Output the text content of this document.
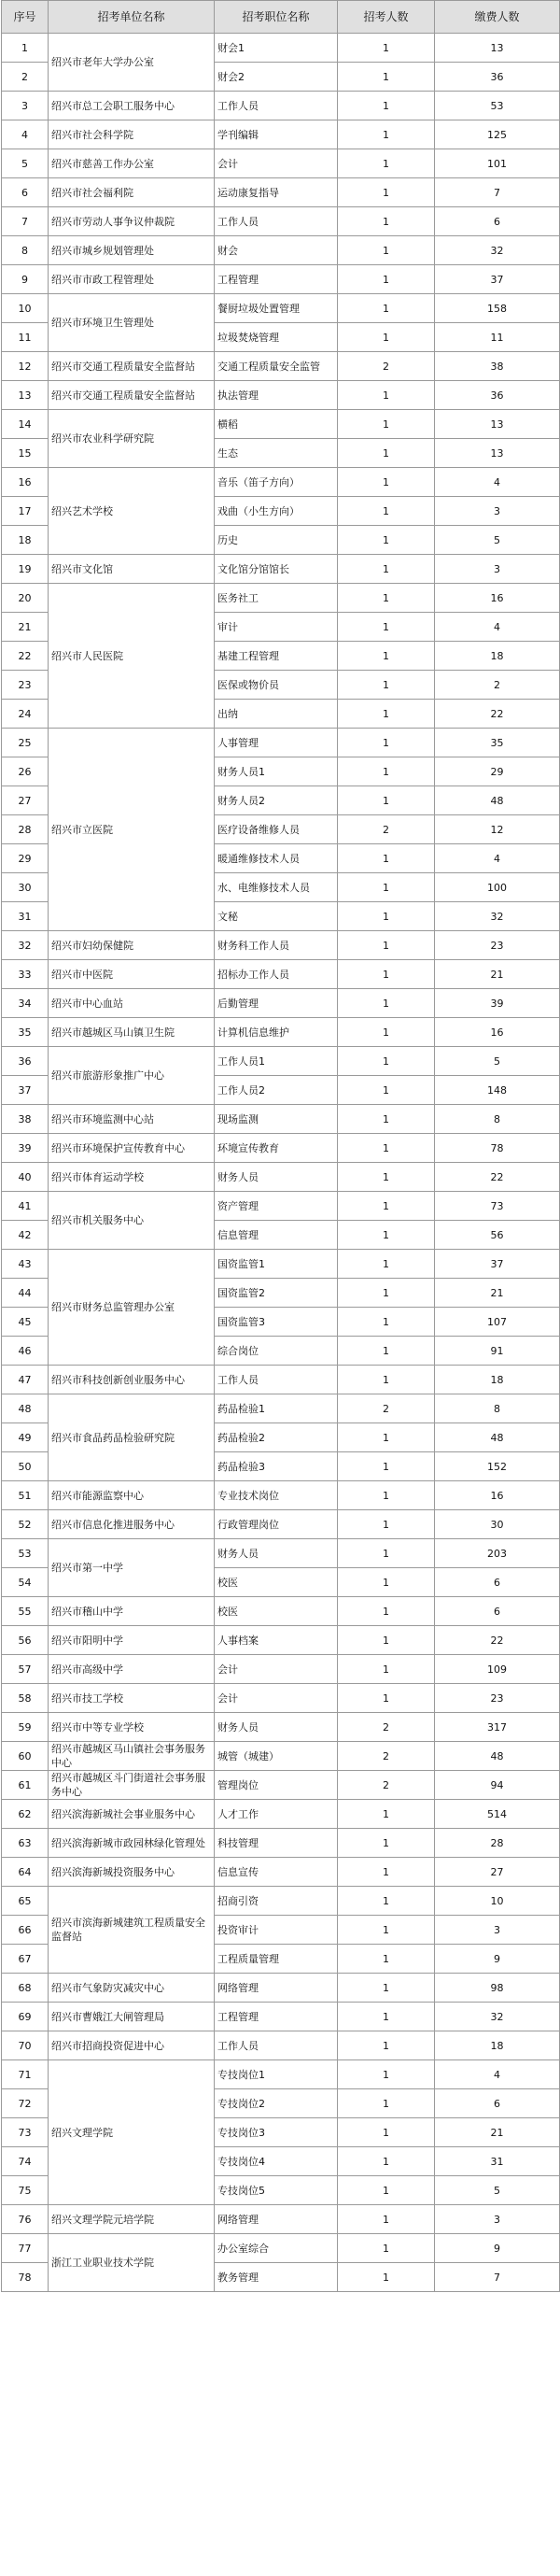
序号	招考单位名称	招考职位名称	招考人数	缴费人数
1	绍兴市老年大学办公室	财会1	1	13
2		财会2	1	36
3	绍兴市总工会职工服务中心	工作人员	1	53
4	绍兴市社会科学院	学刊编辑	1	125
5	绍兴市慈善工作办公室	会计	1	101
6	绍兴市社会福利院	运动康复指导	1	7
7	绍兴市劳动人事争议仲裁院	工作人员	1	6
8	绍兴市城乡规划管理处	财会	1	32
9	绍兴市市政工程管理处	工程管理	1	37
10	绍兴市环境卫生管理处	餐厨垃圾处置管理	1	158
11		垃圾焚烧管理	1	11
12	绍兴市交通工程质量安全监督站	交通工程质量安全监管	2	38
13	绍兴市交通工程质量安全监督站	执法管理	1	36
14	绍兴市农业科学研究院	横稻	1	13
15		生态	1	13
16	绍兴艺术学校	音乐（笛子方向）	1	4
17		戏曲（小生方向）	1	3
18		历史	1	5
19	绍兴市文化馆	文化馆分馆馆长	1	3
20	绍兴市人民医院	医务社工	1	16
21		审计	1	4
22		基建工程管理	1	18
23		医保或物价员	1	2
24		出纳	1	22
25	绍兴市立医院	人事管理	1	35
26		财务人员1	1	29
27		财务人员2	1	48
28		医疗设备维修人员	2	12
29		暖通维修技术人员	1	4
30		水、电维修技术人员	1	100
31		文秘	1	32
32	绍兴市妇幼保健院	财务科工作人员	1	23
33	绍兴市中医院	招标办工作人员	1	21
34	绍兴市中心血站	后勤管理	1	39
35	绍兴市越城区马山镇卫生院	计算机信息维护	1	16
36	绍兴市旅游形象推广中心	工作人员1	1	5
37		工作人员2	1	148
38	绍兴市环境监测中心站	现场监测	1	8
39	绍兴市环境保护宣传教育中心	环境宣传教育	1	78
40	绍兴市体育运动学校	财务人员	1	22
41	绍兴市机关服务中心	资产管理	1	73
42		信息管理	1	56
43	绍兴市财务总监管理办公室	国资监管1	1	37
44		国资监管2	1	21
45		国资监管3	1	107
46		综合岗位	1	91
47	绍兴市科技创新创业服务中心	工作人员	1	18
48	绍兴市食品药品检验研究院	药品检验1	2	8
49		药品检验2	1	48
50		药品检验3	1	152
51	绍兴市能源监察中心	专业技术岗位	1	16
52	绍兴市信息化推进服务中心	行政管理岗位	1	30
53	绍兴市第一中学	财务人员	1	203
54		校医	1	6
55	绍兴市稽山中学	校医	1	6
56	绍兴市阳明中学	人事档案	1	22
57	绍兴市高级中学	会计	1	109
58	绍兴市技工学校	会计	1	23
59	绍兴市中等专业学校	财务人员	2	317
60	绍兴市越城区马山镇社会事务服务中心	城管（城建）	2	48
61	绍兴市越城区斗门街道社会事务服务中心	管理岗位	2	94
62	绍兴滨海新城社会事业服务中心	人才工作	1	514
63	绍兴滨海新城市政园林绿化管理处	科技管理	1	28
64	绍兴滨海新城投资服务中心	信息宣传	1	27
65	绍兴市滨海新城建筑工程质量安全监督站	招商引资	1	10
66		投资审计	1	3
67		工程质量管理	1	9
68	绍兴市气象防灾减灾中心	网络管理	1	98
69	绍兴市曹娥江大闸管理局	工程管理	1	32
70	绍兴市招商投资促进中心	工作人员	1	18
71	绍兴文理学院	专技岗位1	1	4
72		专技岗位2	1	6
73		专技岗位3	1	21
74		专技岗位4	1	31
75		专技岗位5	1	5
76	绍兴文理学院元培学院	网络管理	1	3
77	浙江工业职业技术学院	办公室综合	1	9
78		教务管理	1	7
